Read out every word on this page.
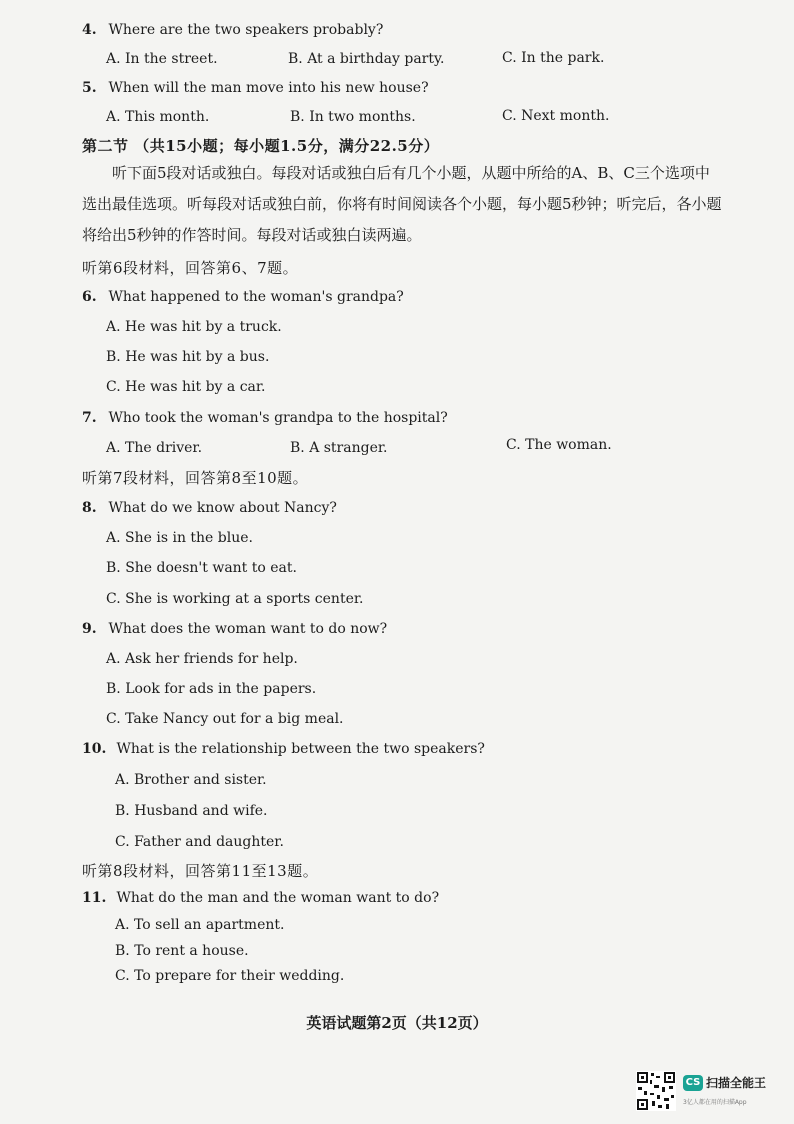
4. Where are the two speakers probably?
A. In the street.	B. At a birthday party.	C. In the park.
5. When will the man move into his new house?
A. This month.	B. In two months.	C. Next month.
第二节 （共15小题；每小题1.5分，满分22.5分）
听下面5段对话或独白。每段对话或独白后有几个小题，从题中所给的A、B、C三个选项中选出最佳选项。听每段对话或独白前，你将有时间阅读各个小题，每小题5秒钟；听完后，各小题将给出5秒钟的作答时间。每段对话或独白读两遍。
听第6段材料，回答第6、7题。
6. What happened to the woman's grandpa?
A. He was hit by a truck.
B. He was hit by a bus.
C. He was hit by a car.
7. Who took the woman's grandpa to the hospital?
A. The driver.	B. A stranger.	C. The woman.
听第7段材料，回答第8至10题。
8. What do we know about Nancy?
A. She is in the blue.
B. She doesn't want to eat.
C. She is working at a sports center.
9. What does the woman want to do now?
A. Ask her friends for help.
B. Look for ads in the papers.
C. Take Nancy out for a big meal.
10. What is the relationship between the two speakers?
A. Brother and sister.
B. Husband and wife.
C. Father and daughter.
听第8段材料，回答第11至13题。
11. What do the man and the woman want to do?
A. To sell an apartment.
B. To rent a house.
C. To prepare for their wedding.
英语试题第2页（共12页）
CS 扫描全能王
3亿人都在用的扫描App
